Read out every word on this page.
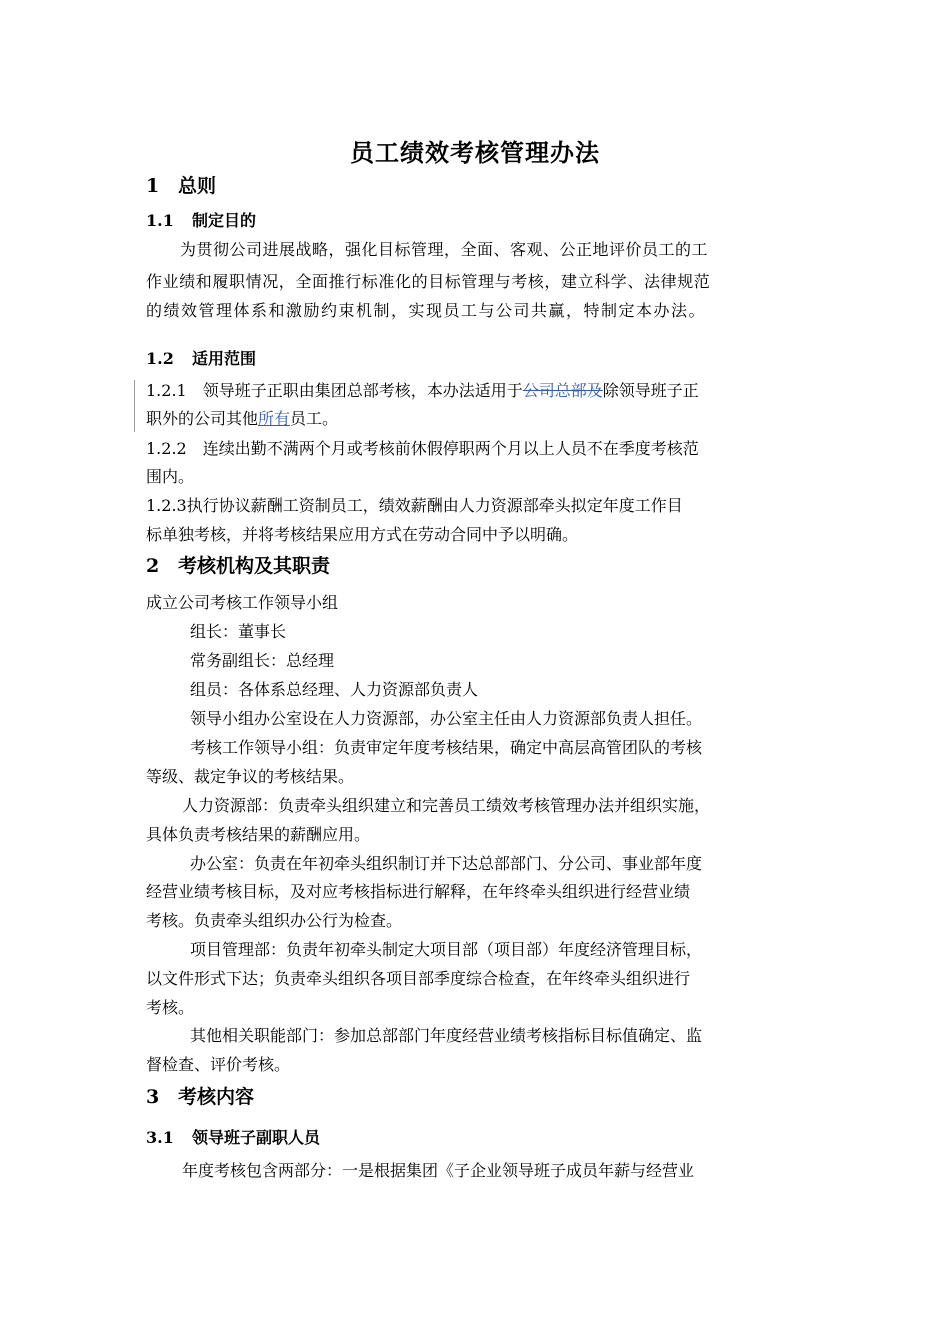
员工绩效考核管理办法
1 总则
1.1 制定目的
为贯彻公司进展战略，强化目标管理，全面、客观、公正地评价员工的工
作业绩和履职情况，全面推行标准化的目标管理与考核，建立科学、法律规范
的绩效管理体系和激励约束机制，实现员工与公司共赢，特制定本办法。
1.2 适用范围
1.2.1　领导班子正职由集团总部考核，本办法适用于公司总部及除领导班子正
职外的公司其他所有员工。
1.2.2　连续出勤不满两个月或考核前休假停职两个月以上人员不在季度考核范
围内。
1.2.3执行协议薪酬工资制员工，绩效薪酬由人力资源部牵头拟定年度工作目
标单独考核，并将考核结果应用方式在劳动合同中予以明确。
2 考核机构及其职责
成立公司考核工作领导小组
组长：董事长
常务副组长：总经理
组员：各体系总经理、人力资源部负责人
领导小组办公室设在人力资源部，办公室主任由人力资源部负责人担任。
考核工作领导小组：负责审定年度考核结果，确定中高层高管团队的考核
等级、裁定争议的考核结果。
人力资源部：负责牵头组织建立和完善员工绩效考核管理办法并组织实施，
具体负责考核结果的薪酬应用。
办公室：负责在年初牵头组织制订并下达总部部门、分公司、事业部年度
经营业绩考核目标，及对应考核指标进行解释，在年终牵头组织进行经营业绩
考核。负责牵头组织办公行为检查。
项目管理部：负责年初牵头制定大项目部（项目部）年度经济管理目标，
以文件形式下达；负责牵头组织各项目部季度综合检查，在年终牵头组织进行
考核。
其他相关职能部门：参加总部部门年度经营业绩考核指标目标值确定、监
督检查、评价考核。
3 考核内容
3.1 领导班子副职人员
年度考核包含两部分：一是根据集团《子企业领导班子成员年薪与经营业
